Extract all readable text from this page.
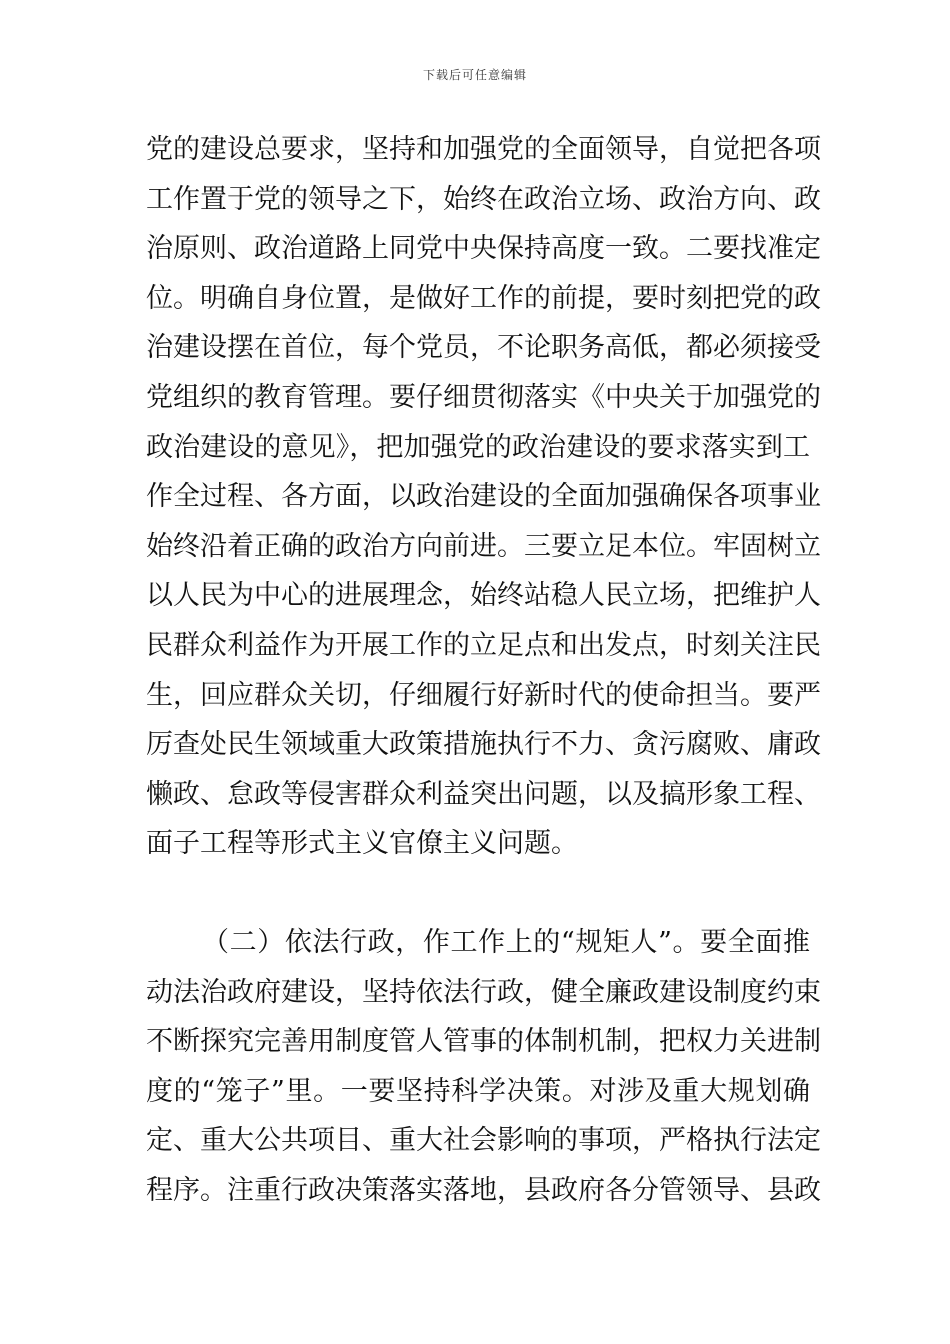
下载后可任意编辑
党的建设总要求，坚持和加强党的全面领导，自觉把各项
工作置于党的领导之下，始终在政治立场、政治方向、政
治原则、政治道路上同党中央保持高度一致。二要找准定
位。明确自身位置，是做好工作的前提，要时刻把党的政
治建设摆在首位，每个党员，不论职务高低，都必须接受
党组织的教育管理。要仔细贯彻落实《中央关于加强党的
政治建设的意见》，把加强党的政治建设的要求落实到工
作全过程、各方面，以政治建设的全面加强确保各项事业
始终沿着正确的政治方向前进。三要立足本位。牢固树立
以人民为中心的进展理念，始终站稳人民立场，把维护人
民群众利益作为开展工作的立足点和出发点，时刻关注民
生，回应群众关切，仔细履行好新时代的使命担当。要严
厉查处民生领域重大政策措施执行不力、贪污腐败、庸政
懒政、怠政等侵害群众利益突出问题，以及搞形象工程、
面子工程等形式主义官僚主义问题。
（二）依法行政，作工作上的“规矩人”。要全面推
动法治政府建设，坚持依法行政，健全廉政建设制度约束
不断探究完善用制度管人管事的体制机制，把权力关进制
度的“笼子”里。一要坚持科学决策。对涉及重大规划确
定、重大公共项目、重大社会影响的事项，严格执行法定
程序。注重行政决策落实落地，县政府各分管领导、县政
